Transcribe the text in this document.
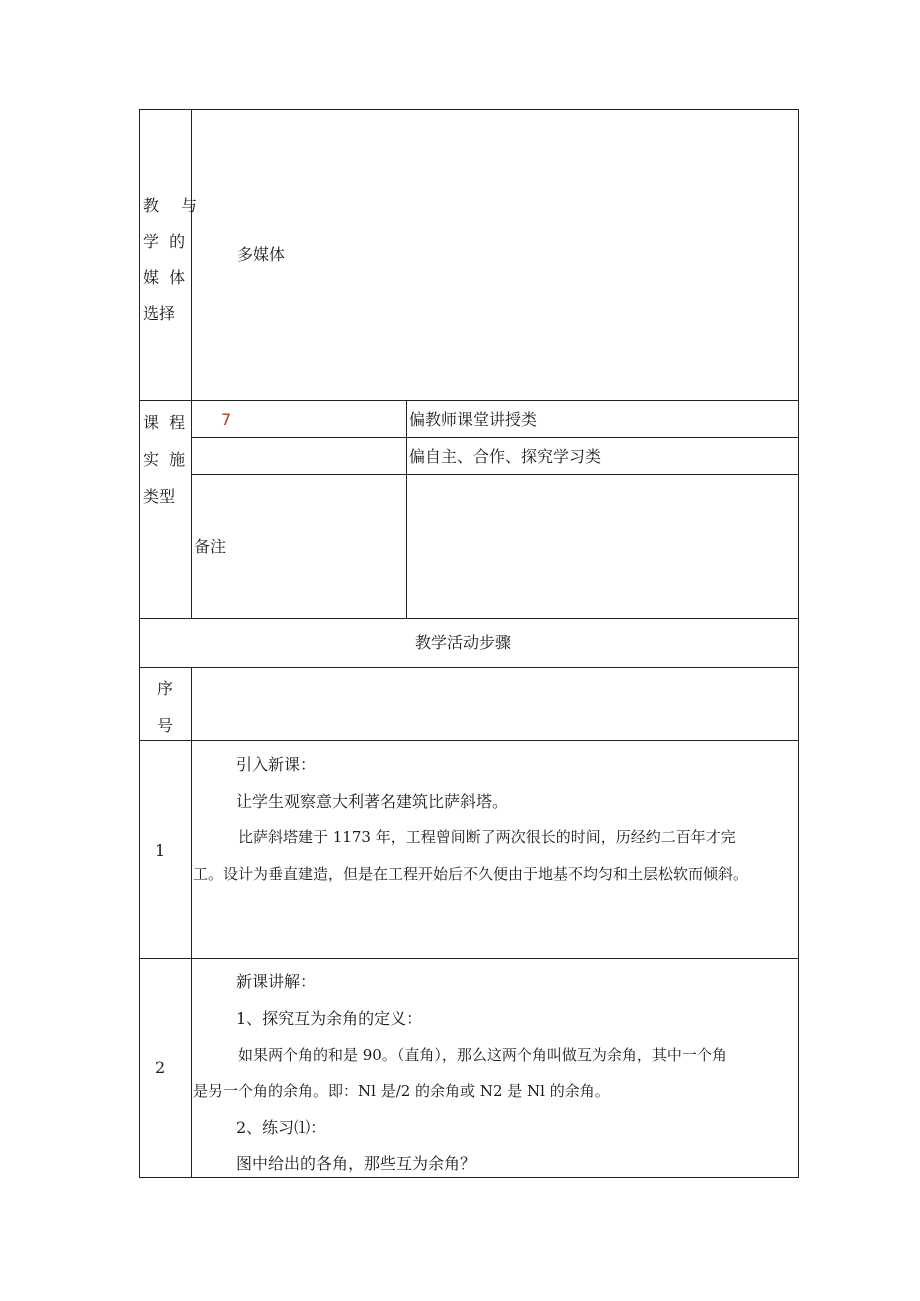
教  与
学  的
媒  体
选择
多媒体
课  程
实  施
类型
7	偏教师课堂讲授类
偏自主、合作、探究学习类
备注
教学活动步骤
序
号
1
引入新课：
让学生观察意大利著名建筑比萨斜塔。
比萨斜塔建于 1173 年，工程曾间断了两次很长的时间，历经约二百年才完
工。设计为垂直建造，但是在工程开始后不久便由于地基不均匀和土层松软而倾斜。
2
新课讲解：
1、探究互为余角的定义：
如果两个角的和是 90。（直角），那么这两个角叫做互为余角，其中一个角
是另一个角的余角。即：Nl 是/2 的余角或 N2 是 Nl 的余角。
2、练习⑴：
图中给出的各角，那些互为余角？
